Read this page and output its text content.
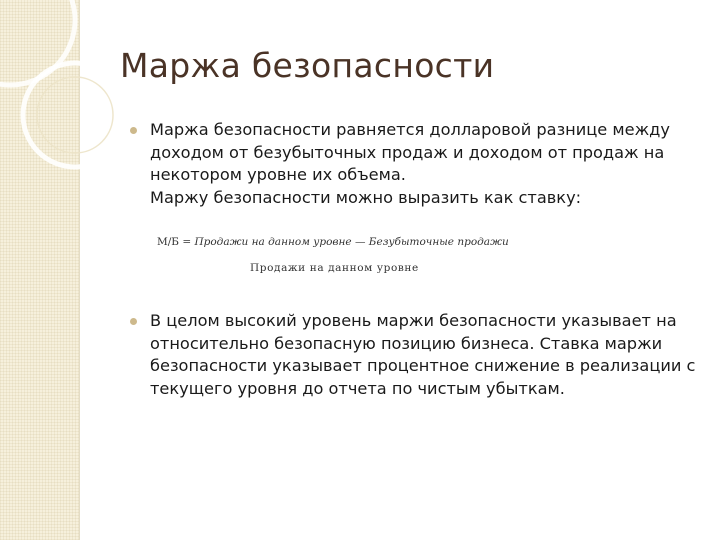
Маржа безопасности
Маржа безопасности равняется долларовой разнице между
доходом от безубыточных продаж и доходом от продаж на
некотором уровне их объема.
Маржу безопасности можно выразить как ставку:
М/Б = Продажи на данном уровне — Безубыточные продажи
Продажи на данном уровне
В целом высокий уровень маржи безопасности указывает на
относительно безопасную позицию бизнеса. Ставка маржи
безопасности указывает процентное снижение в реализации с
текущего уровня до отчета по чистым убыткам.
